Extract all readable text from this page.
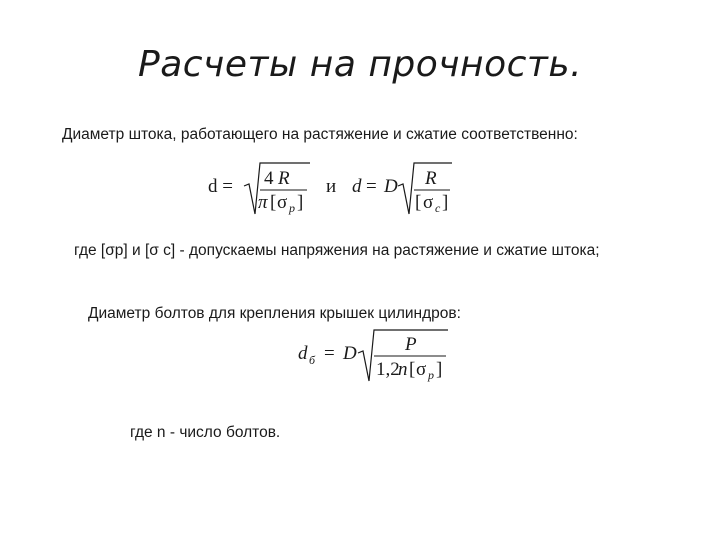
Расчеты на прочность.
Диаметр штока, работающего на растяжение и сжатие соответственно:
d = 4 R
π [ σ p ]
и d = D R
[ σ c ]
где [σр] и [σ с] - допускаемы напряжения на растяжение и сжатие штока;
Диаметр болтов для крепления крышек цилиндров:
d б = D	P
1,2
n [ σ p ]
где n - число болтов.
